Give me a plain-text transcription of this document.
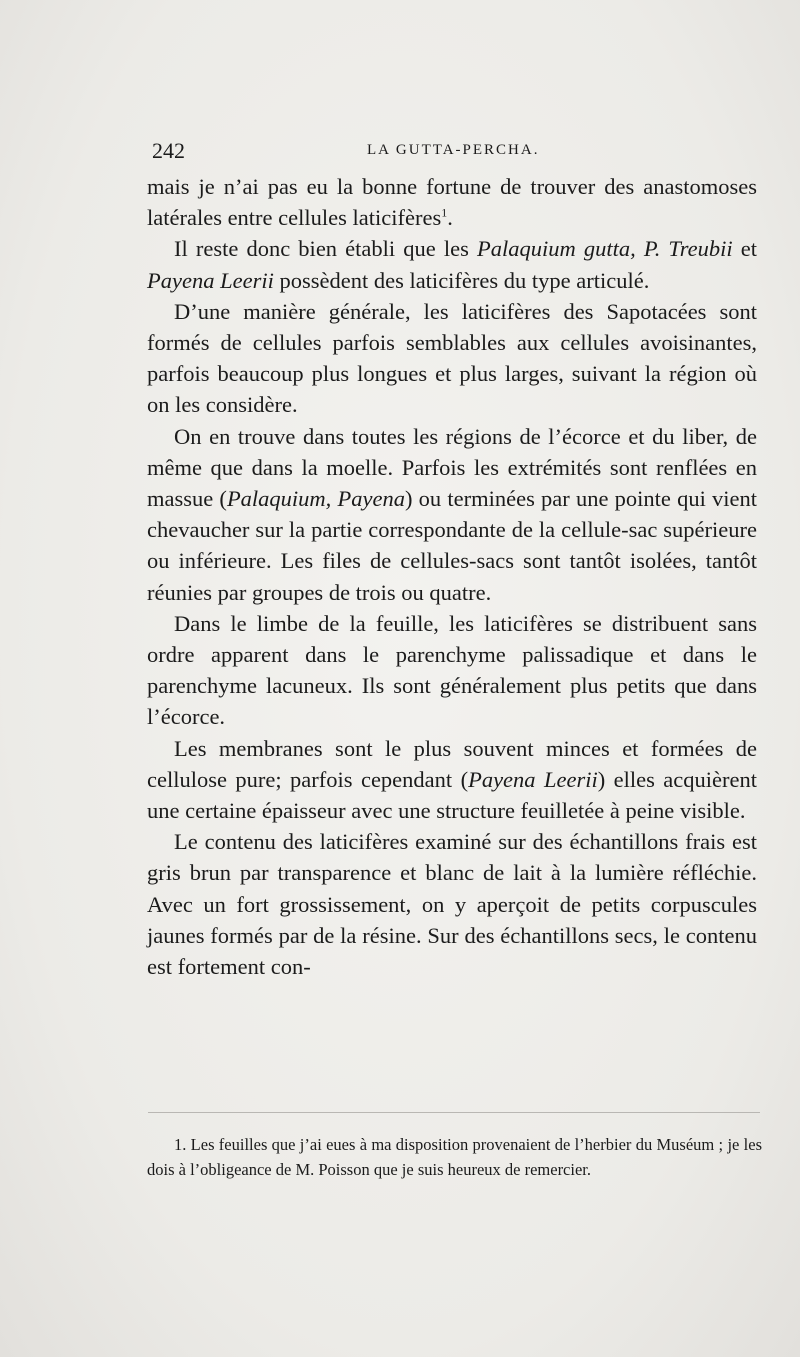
242	LA GUTTA-PERCHA.

mais je n’ai pas eu la bonne fortune de trouver des anastomoses latérales entre cellules laticifères$^1$.

Il reste donc bien établi que les Palaquium gutta, P. Treubii et Payena Leerii possèdent des laticifères du type articulé.

D’une manière générale, les laticifères des Sapotacées sont formés de cellules parfois semblables aux cellules avoisinantes, parfois beaucoup plus longues et plus larges, suivant la région où on les considère.

On en trouve dans toutes les régions de l’écorce et du liber, de même que dans la moelle. Parfois les extrémités sont renflées en massue (Palaquium, Payena) ou terminées par une pointe qui vient chevaucher sur la partie correspondante de la cellule-sac supérieure ou inférieure. Les files de cellules-sacs sont tantôt isolées, tantôt réunies par groupes de trois ou quatre.

Dans le limbe de la feuille, les laticifères se distribuent sans ordre apparent dans le parenchyme palissadique et dans le parenchyme lacuneux. Ils sont généralement plus petits que dans l’écorce.

Les membranes sont le plus souvent minces et formées de cellulose pure; parfois cependant (Payena Leerii) elles acquièrent une certaine épaisseur avec une structure feuilletée à peine visible.

Le contenu des laticifères examiné sur des échantillons frais est gris brun par transparence et blanc de lait à la lumière réfléchie. Avec un fort grossissement, on y aperçoit de petits corpuscules jaunes formés par de la résine. Sur des échantillons secs, le contenu est fortement con-

1. Les feuilles que j’ai eues à ma disposition provenaient de l’herbier du Muséum ; je les dois à l’obligeance de M. Poisson que je suis heureux de remercier.
